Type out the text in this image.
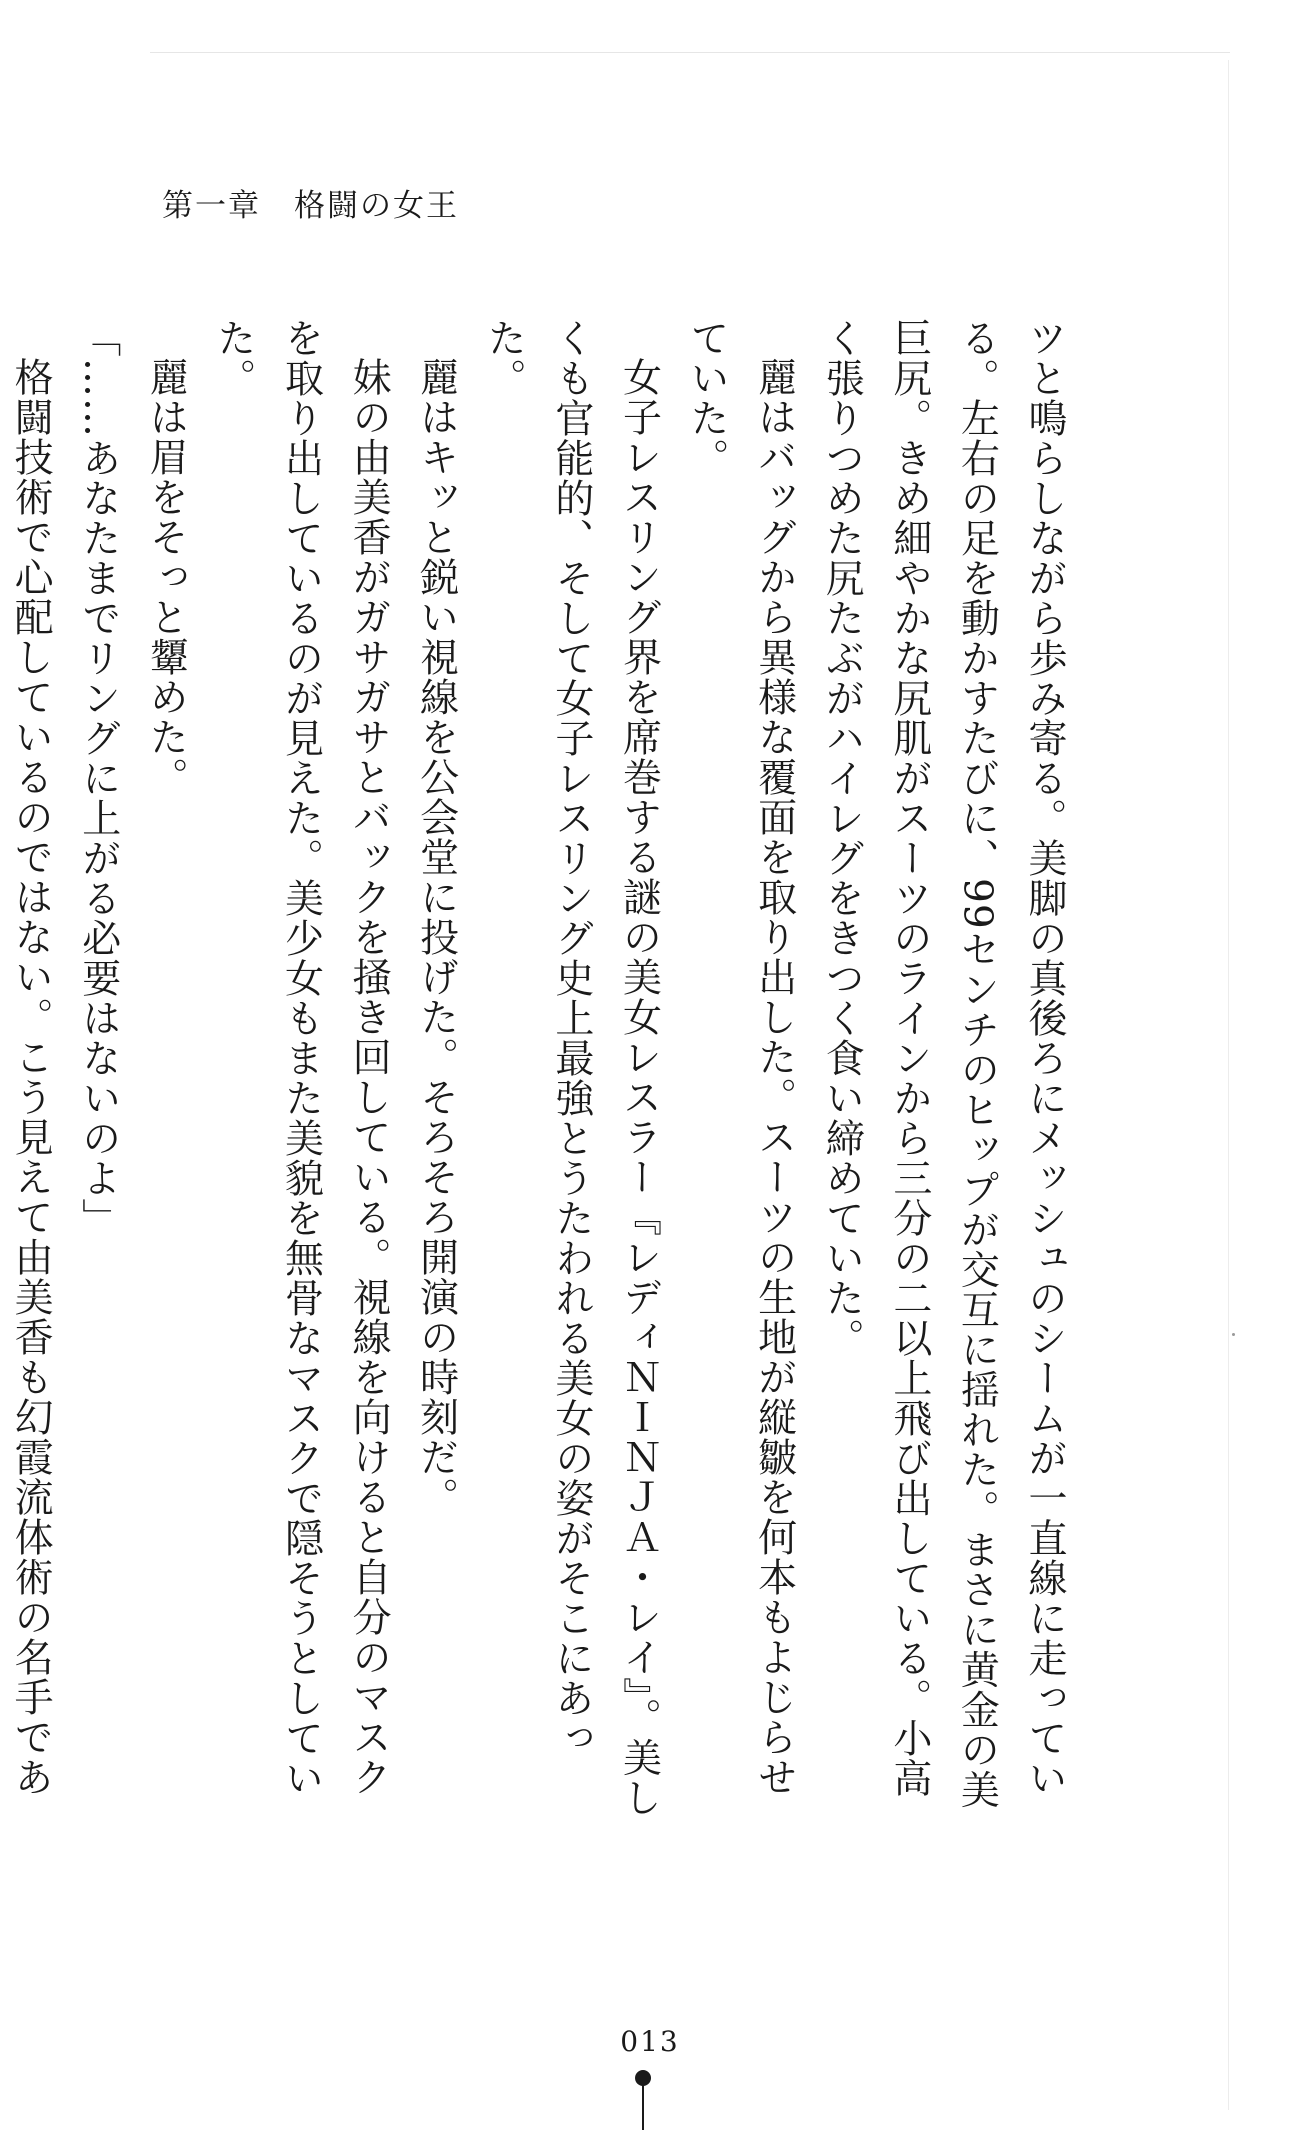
第一章　格闘の女王

ツと鳴らしながら歩み寄る。美脚の真後ろにメッシュのシームが一直線に走っている。左右の足を動かすたびに、99センチのヒップが交互に揺れた。まさに黄金の美巨尻。きめ細やかな尻肌がスーツのラインから三分の二以上飛び出している。小高く張りつめた尻たぶがハイレグをきつく食い締めていた。

麗はバッグから異様な覆面を取り出した。スーツの生地が縦皺を何本もよじらせていた。

女子レスリング界を席巻する謎の美女レスラー『レディＮＩＮＪＡ・レイ』。美しくも官能的、そして女子レスリング史上最強とうたわれる美女の姿がそこにあった。

麗はキッと鋭い視線を公会堂に投げた。そろそろ開演の時刻だ。

妹の由美香がガサガサとバックを掻き回している。視線を向けると自分のマスクを取り出しているのが見えた。美少女もまた美貌を無骨なマスクで隠そうとしていた。

麗は眉をそっと顰めた。

「……あなたまでリングに上がる必要はないのよ」

格闘技術で心配しているのではない。こう見えて由美香も幻霞流体術の名手であ

013
